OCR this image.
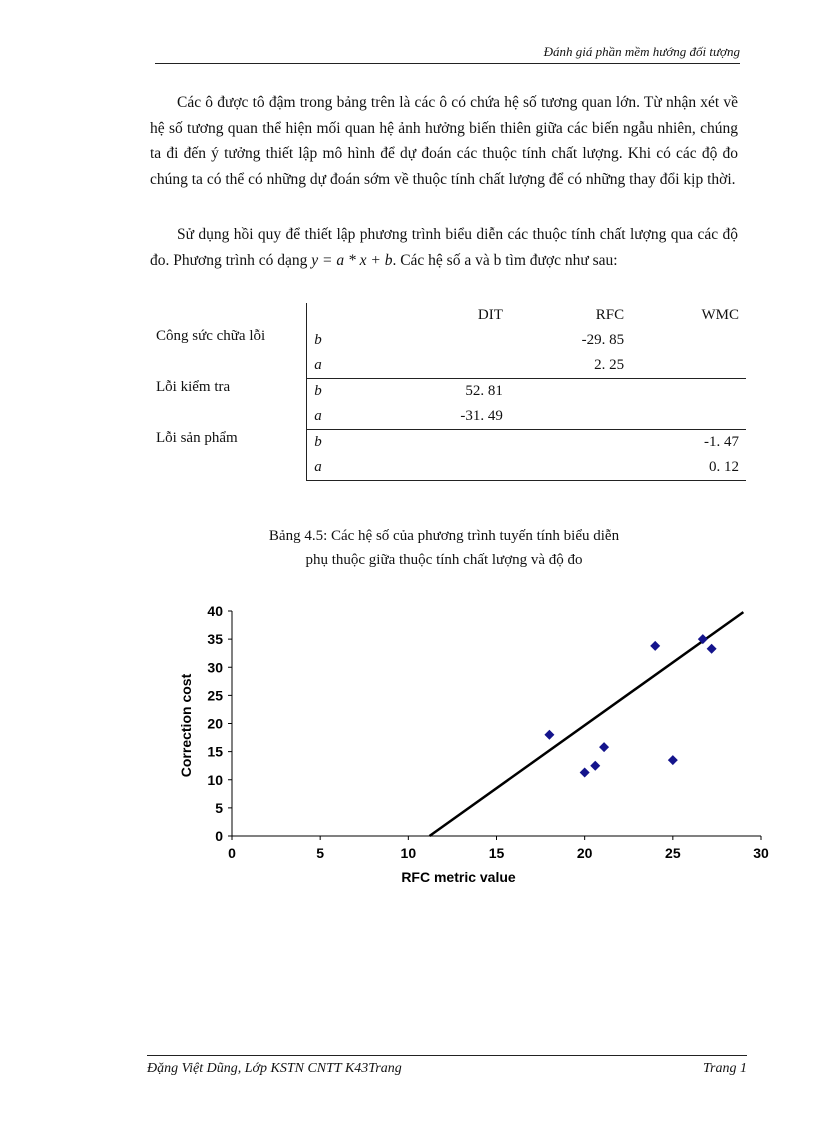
Đánh giá phần mềm hướng đối tượng

Các ô được tô đậm trong bảng trên là các ô có chứa hệ số tương quan lớn. Từ nhận xét về hệ số tương quan thể hiện mối quan hệ ảnh hưởng biến thiên giữa các biến ngẫu nhiên, chúng ta đi đến ý tưởng thiết lập mô hình để dự đoán các thuộc tính chất lượng. Khi có các độ đo chúng ta có thể có những dự đoán sớm về thuộc tính chất lượng để có những thay đổi kịp thời.

Sử dụng hồi quy để thiết lập phương trình biểu diễn các thuộc tính chất lượng qua các độ đo. Phương trình có dạng y = a * x + b. Các hệ số a và b tìm được như sau:

		DIT	RFC	WMC
Công sức chữa lỗi	b		-29. 85	
	a		2. 25	
Lỗi kiểm tra	b	52. 81		
	a	-31. 49		
Lỗi sản phẩm	b			-1. 47
	a			0. 12
Bảng 4.5: Các hệ số của phương trình tuyến tính biểu diễn
phụ thuộc giữa thuộc tính chất lượng và độ đo
0
5
10
15
20
25
30
35
40
0	5	10	15	20	25	30
RFC metric value
Correction cost
Đặng Việt Dũng, Lớp KSTN CNTT K43Trang	Trang 1
